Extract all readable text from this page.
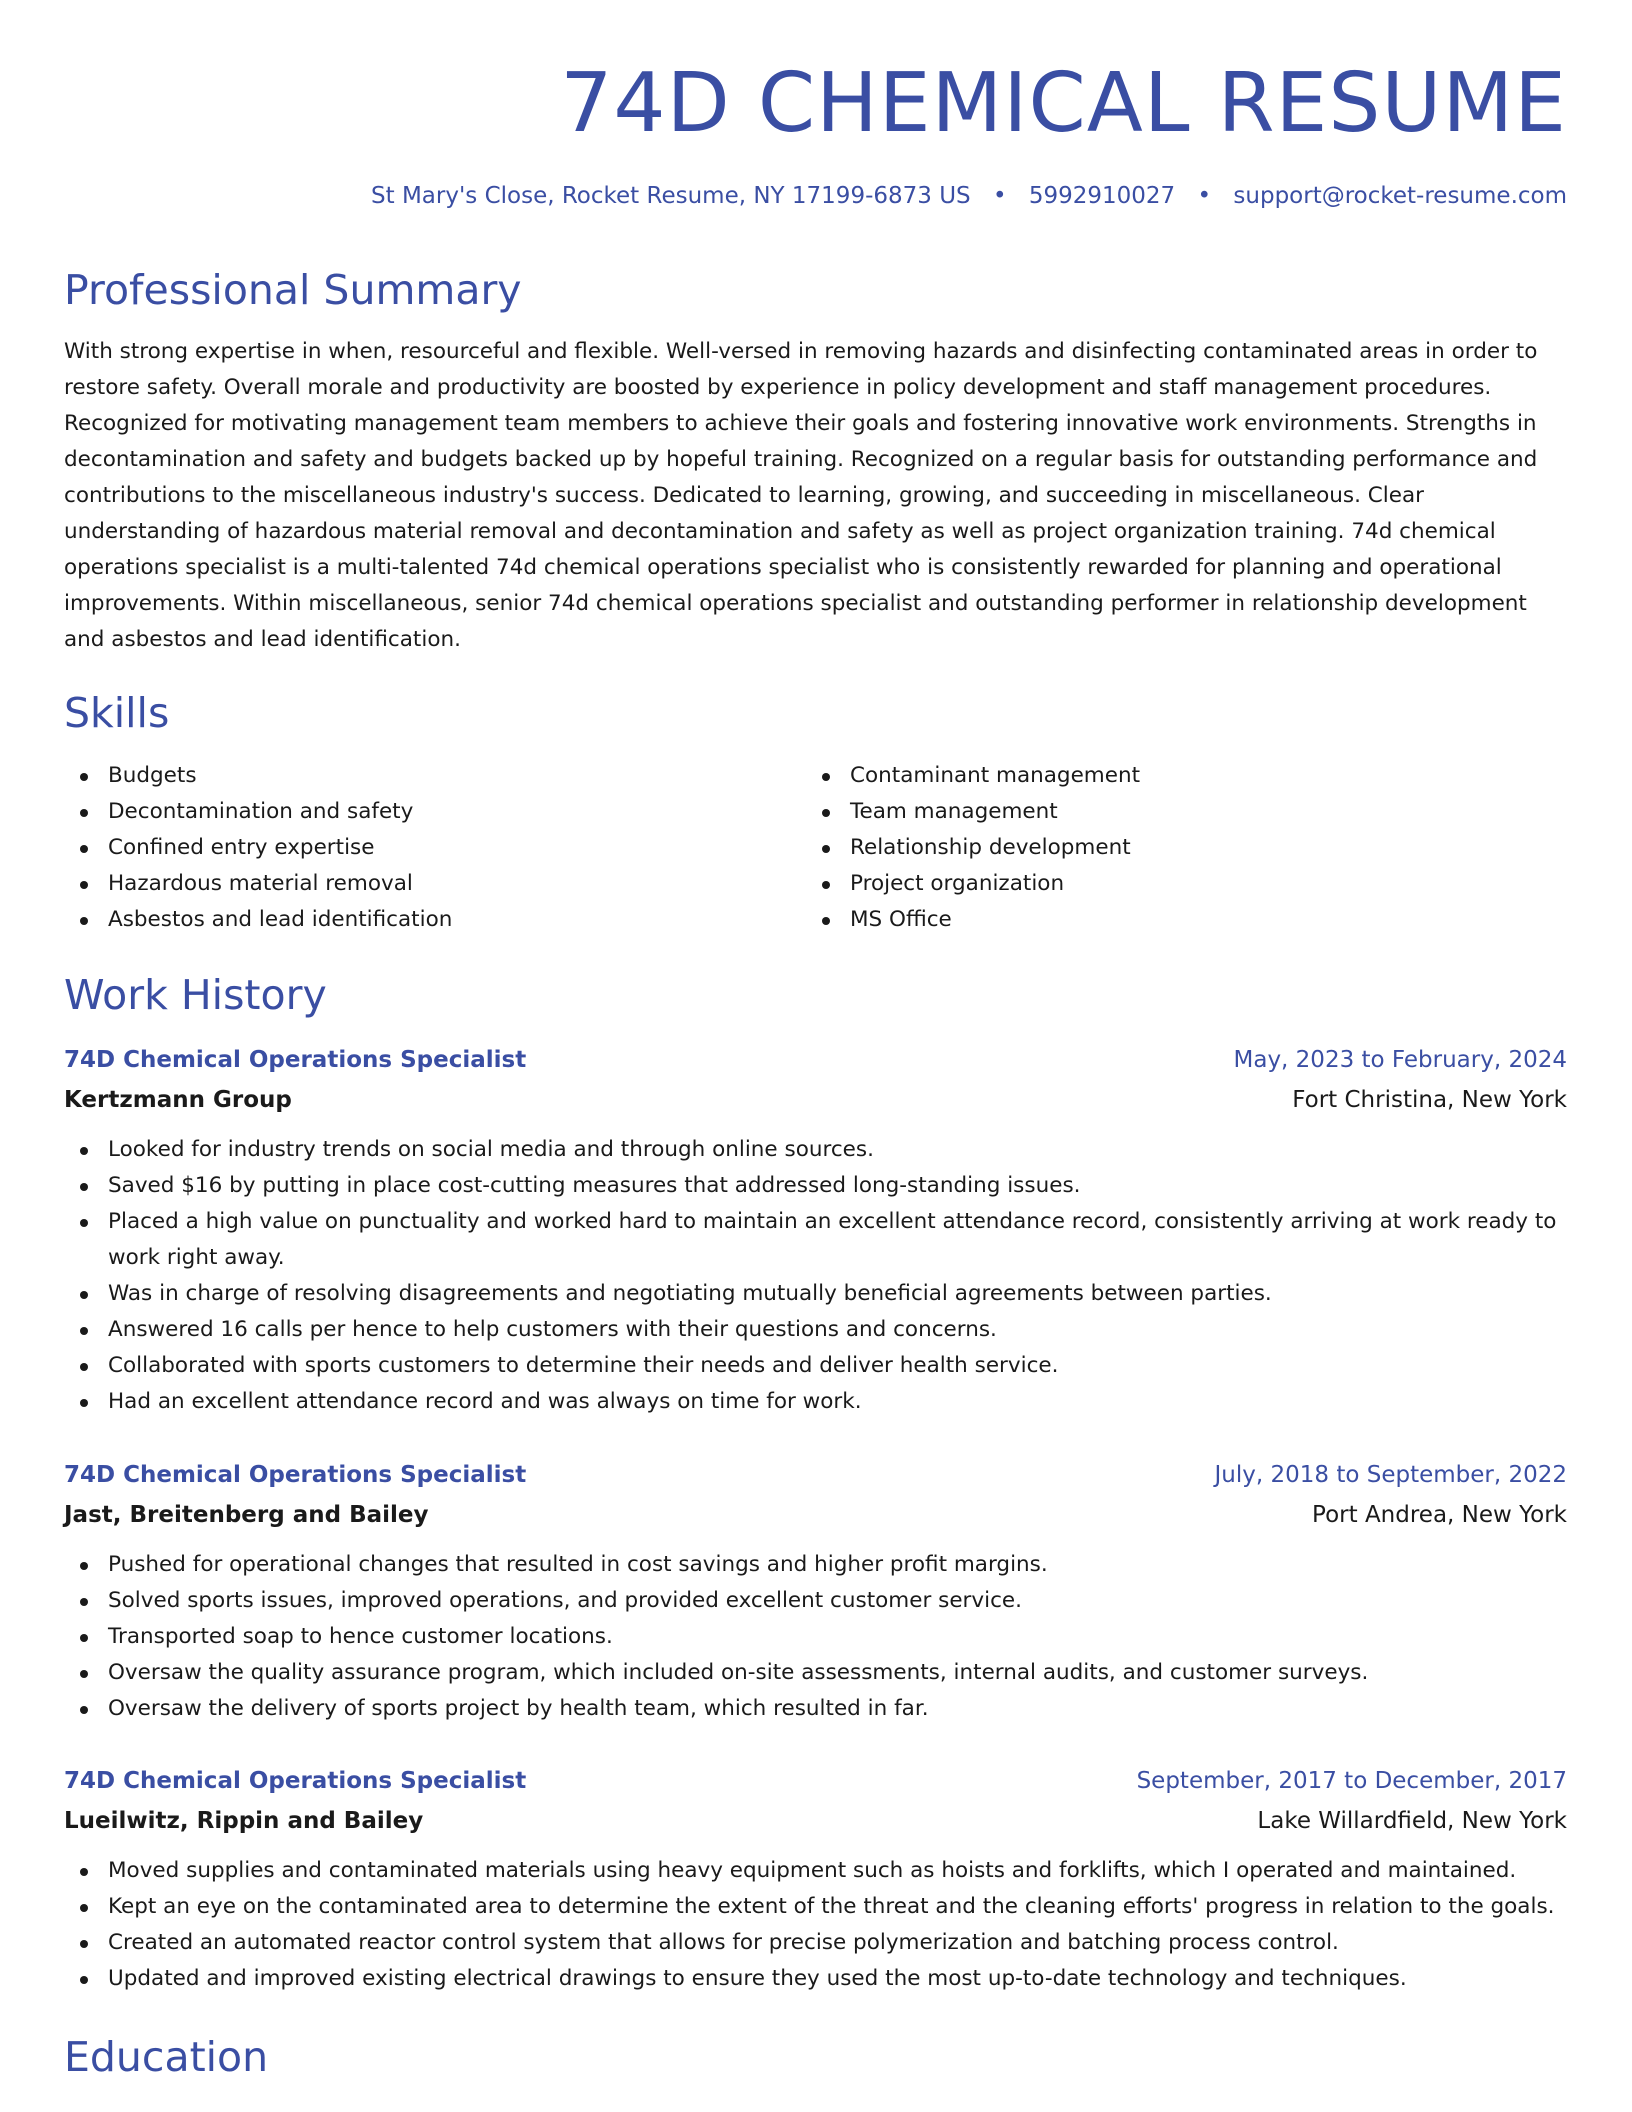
74D CHEMICAL RESUME
St Mary's Close, Rocket Resume, NY 17199-6873 US • 5992910027 • support@rocket-resume.com
Professional Summary

With strong expertise in when, resourceful and flexible. Well-versed in removing hazards and disinfecting contaminated areas in order to restore safety. Overall morale and productivity are boosted by experience in policy development and staff management procedures. Recognized for motivating management team members to achieve their goals and fostering innovative work environments. Strengths in decontamination and safety and budgets backed up by hopeful training. Recognized on a regular basis for outstanding performance and contributions to the miscellaneous industry's success. Dedicated to learning, growing, and succeeding in miscellaneous. Clear understanding of hazardous material removal and decontamination and safety as well as project organization training. 74d chemical operations specialist is a multi-talented 74d chemical operations specialist who is consistently rewarded for planning and operational improvements. Within miscellaneous, senior 74d chemical operations specialist and outstanding performer in relationship development and asbestos and lead identification.

Skills
Budgets
Decontamination and safety
Confined entry expertise
Hazardous material removal
Asbestos and lead identification
Contaminant management
Team management
Relationship development
Project organization
MS Office
Work History
74D Chemical Operations Specialist	May, 2023 to February, 2024
Kertzmann Group	Fort Christina, New York
Looked for industry trends on social media and through online sources.
Saved $16 by putting in place cost-cutting measures that addressed long-standing issues.
Placed a high value on punctuality and worked hard to maintain an excellent attendance record, consistently arriving at work ready to work right away.
Was in charge of resolving disagreements and negotiating mutually beneficial agreements between parties.
Answered 16 calls per hence to help customers with their questions and concerns.
Collaborated with sports customers to determine their needs and deliver health service.
Had an excellent attendance record and was always on time for work.
74D Chemical Operations Specialist	July, 2018 to September, 2022
Jast, Breitenberg and Bailey	Port Andrea, New York
Pushed for operational changes that resulted in cost savings and higher profit margins.
Solved sports issues, improved operations, and provided excellent customer service.
Transported soap to hence customer locations.
Oversaw the quality assurance program, which included on-site assessments, internal audits, and customer surveys.
Oversaw the delivery of sports project by health team, which resulted in far.
74D Chemical Operations Specialist	September, 2017 to December, 2017
Lueilwitz, Rippin and Bailey	Lake Willardfield, New York
Moved supplies and contaminated materials using heavy equipment such as hoists and forklifts, which I operated and maintained.
Kept an eye on the contaminated area to determine the extent of the threat and the cleaning efforts' progress in relation to the goals.
Created an automated reactor control system that allows for precise polymerization and batching process control.
Updated and improved existing electrical drawings to ensure they used the most up-to-date technology and techniques.
Education
